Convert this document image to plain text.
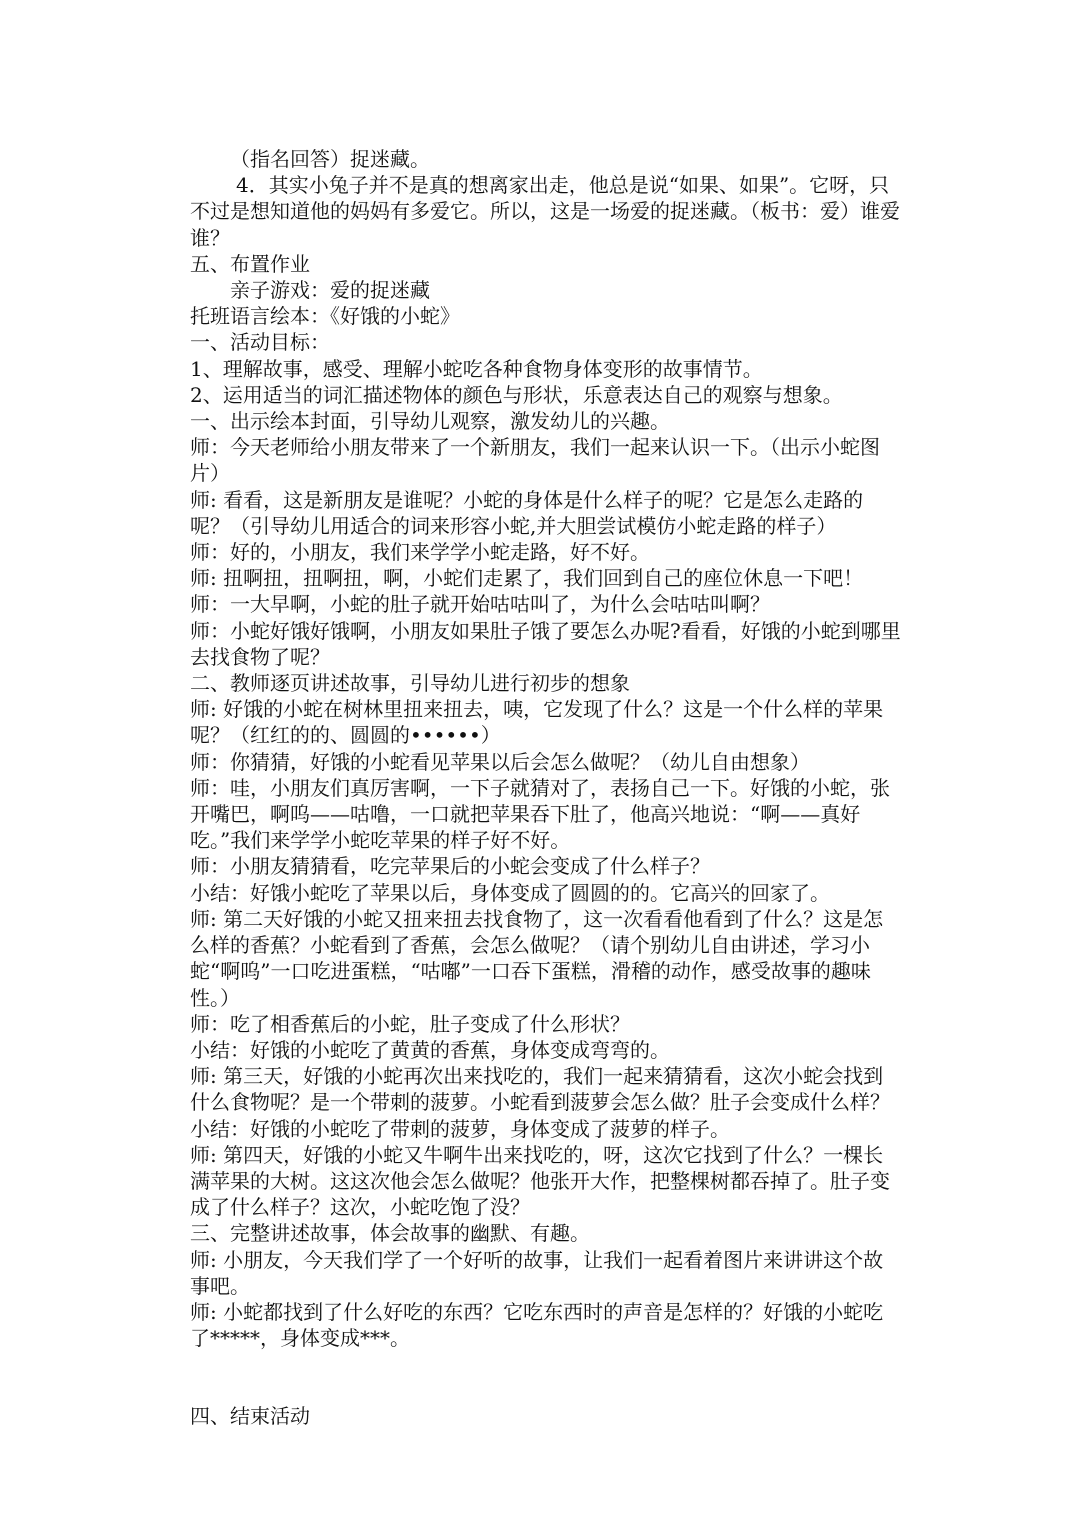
（指名回答）捉迷藏。

4．其实小兔子并不是真的想离家出走，他总是说“如果、如果”。它呀，只不过是想知道他的妈妈有多爱它。所以，这是一场爱的捉迷藏。（板书：爱）谁爱谁？

五、布置作业

亲子游戏：爱的捉迷藏

托班语言绘本：《好饿的小蛇》

一、活动目标：

1、理解故事，感受、理解小蛇吃各种食物身体变形的故事情节。

2、运用适当的词汇描述物体的颜色与形状，乐意表达自己的观察与想象。

一、出示绘本封面，引导幼儿观察，激发幼儿的兴趣。

师：今天老师给小朋友带来了一个新朋友，我们一起来认识一下。（出示小蛇图片）

师: 看看，这是新朋友是谁呢？小蛇的身体是什么样子的呢？它是怎么走路的呢？（引导幼儿用适合的词来形容小蛇,并大胆尝试模仿小蛇走路的样子）

师：好的，小朋友，我们来学学小蛇走路，好不好。

师: 扭啊扭，扭啊扭，啊，小蛇们走累了，我们回到自己的座位休息一下吧！

师：一大早啊，小蛇的肚子就开始咕咕叫了，为什么会咕咕叫啊？

师：小蛇好饿好饿啊，小朋友如果肚子饿了要怎么办呢?看看，好饿的小蛇到哪里去找食物了呢？

二、教师逐页讲述故事，引导幼儿进行初步的想象

师: 好饿的小蛇在树林里扭来扭去，咦，它发现了什么？这是一个什么样的苹果呢？（红红的的、圆圆的••••••）

师：你猜猜，好饿的小蛇看见苹果以后会怎么做呢？（幼儿自由想象）

师：哇，小朋友们真厉害啊，一下子就猜对了，表扬自己一下。好饿的小蛇，张开嘴巴，啊呜——咕噜，一口就把苹果吞下肚了，他高兴地说：“啊——真好吃。”我们来学学小蛇吃苹果的样子好不好。

师：小朋友猜猜看，吃完苹果后的小蛇会变成了什么样子？

小结：好饿小蛇吃了苹果以后，身体变成了圆圆的的。它高兴的回家了。

师: 第二天好饿的小蛇又扭来扭去找食物了，这一次看看他看到了什么？这是怎么样的香蕉？小蛇看到了香蕉，会怎么做呢？（请个别幼儿自由讲述，学习小蛇“啊呜”一口吃进蛋糕，“咕嘟”一口吞下蛋糕，滑稽的动作，感受故事的趣味性。）

师：吃了相香蕉后的小蛇，肚子变成了什么形状？

小结：好饿的小蛇吃了黄黄的香蕉，身体变成弯弯的。

师: 第三天，好饿的小蛇再次出来找吃的，我们一起来猜猜看，这次小蛇会找到什么食物呢？是一个带刺的菠萝。小蛇看到菠萝会怎么做？肚子会变成什么样？

小结：好饿的小蛇吃了带刺的菠萝，身体变成了菠萝的样子。

师: 第四天，好饿的小蛇又牛啊牛出来找吃的，呀，这次它找到了什么？一棵长满苹果的大树。这这次他会怎么做呢？他张开大作，把整棵树都吞掉了。肚子变成了什么样子？这次，小蛇吃饱了没？

三、完整讲述故事，体会故事的幽默、有趣。

师: 小朋友，今天我们学了一个好听的故事，让我们一起看着图片来讲讲这个故事吧。

师: 小蛇都找到了什么好吃的东西？它吃东西时的声音是怎样的？好饿的小蛇吃了*****，身体变成***。

四、结束活动
